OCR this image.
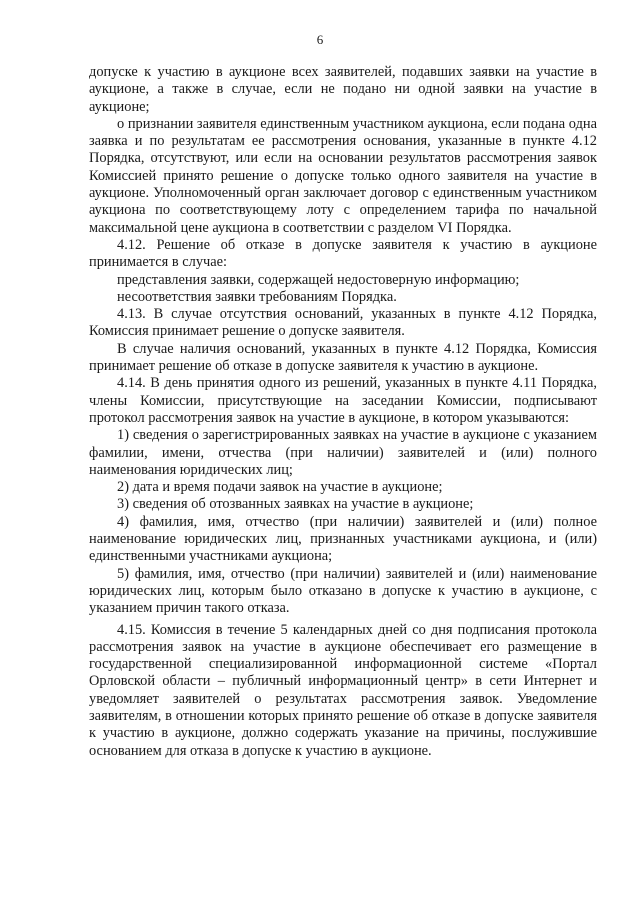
6

допуске к участию в аукционе всех заявителей, подавших заявки на участие в аукционе, а также в случае, если не подано ни одной заявки на участие в аукционе;

о признании заявителя единственным участником аукциона, если подана одна заявка и по результатам ее рассмотрения основания, указанные в пункте 4.12 Порядка, отсутствуют, или если на основании результатов рассмотрения заявок Комиссией принято решение о допуске только одного заявителя на участие в аукционе. Уполномоченный орган заключает договор с единственным участником аукциона по соответствующему лоту с определением тарифа по начальной максимальной цене аукциона в соответствии с разделом VI Порядка.

4.12. Решение об отказе в допуске заявителя к участию в аукционе принимается в случае:

представления заявки, содержащей недостоверную информацию;

несоответствия заявки требованиям Порядка.

4.13. В случае отсутствия оснований, указанных в пункте 4.12 Порядка, Комиссия принимает решение о допуске заявителя.

В случае наличия оснований, указанных в пункте 4.12 Порядка, Комиссия принимает решение об отказе в допуске заявителя к участию в аукционе.

4.14. В день принятия одного из решений, указанных в пункте 4.11 Порядка, члены Комиссии, присутствующие на заседании Комиссии, подписывают протокол рассмотрения заявок на участие в аукционе, в котором указываются:

1) сведения о зарегистрированных заявках на участие в аукционе с указанием фамилии, имени, отчества (при наличии) заявителей и (или) полного наименования юридических лиц;

2) дата и время подачи заявок на участие в аукционе;

3) сведения об отозванных заявках на участие в аукционе;

4) фамилия, имя, отчество (при наличии) заявителей и (или) полное наименование юридических лиц, признанных участниками аукциона, и (или) единственными участниками аукциона;

5) фамилия, имя, отчество (при наличии) заявителей и (или) наименование юридических лиц, которым было отказано в допуске к участию в аукционе, с указанием причин такого отказа.

4.15. Комиссия в течение 5 календарных дней со дня подписания протокола рассмотрения заявок на участие в аукционе обеспечивает его размещение в государственной специализированной информационной системе «Портал Орловской области – публичный информационный центр» в сети Интернет и уведомляет заявителей о результатах рассмотрения заявок. Уведомление заявителям, в отношении которых принято решение об отказе в допуске заявителя к участию в аукционе, должно содержать указание на причины, послужившие основанием для отказа в допуске к участию в аукционе.
